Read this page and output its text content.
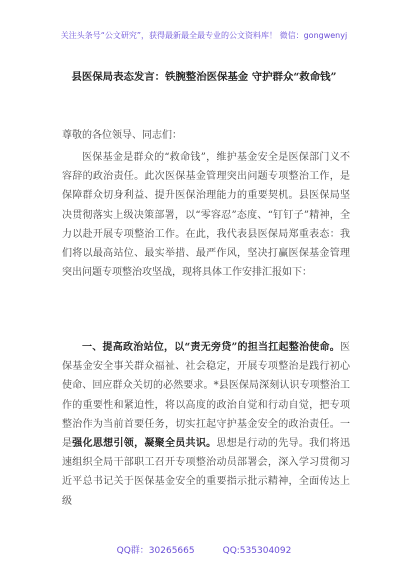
关注头条号“公文研究”，获得最新最全最专业的公文资料库！ 微信：gongwenyj
县医保局表态发言：铁腕整治医保基金 守护群众“救命钱”
尊敬的各位领导、同志们：
医保基金是群众的“救命钱”，维护基金安全是医保部门义不容辞的政治责任。此次医保基金管理突出问题专项整治工作，是保障群众切身利益、提升医保治理能力的重要契机。县医保局坚决贯彻落实上级决策部署，以“零容忍”态度、“钉钉子”精神，全力以赴开展专项整治工作。在此，我代表县医保局郑重表态：我们将以最高站位、最实举措、最严作风，坚决打赢医保基金管理突出问题专项整治攻坚战，现将具体工作安排汇报如下：
一、提高政治站位，以“责无旁贷”的担当扛起整治使命。医保基金安全事关群众福祉、社会稳定，开展专项整治是践行初心使命、回应群众关切的必然要求。*县医保局深刻认识专项整治工作的重要性和紧迫性，将以高度的政治自觉和行动自觉，把专项整治作为当前首要任务，切实扛起守护基金安全的政治责任。一是强化思想引领，凝聚全员共识。思想是行动的先导。我们将迅速组织全局干部职工召开专项整治动员部署会，深入学习贯彻习近平总书记关于医保基金安全的重要指示批示精神，全面传达上级
QQ群：30265665	QQ:535304092
